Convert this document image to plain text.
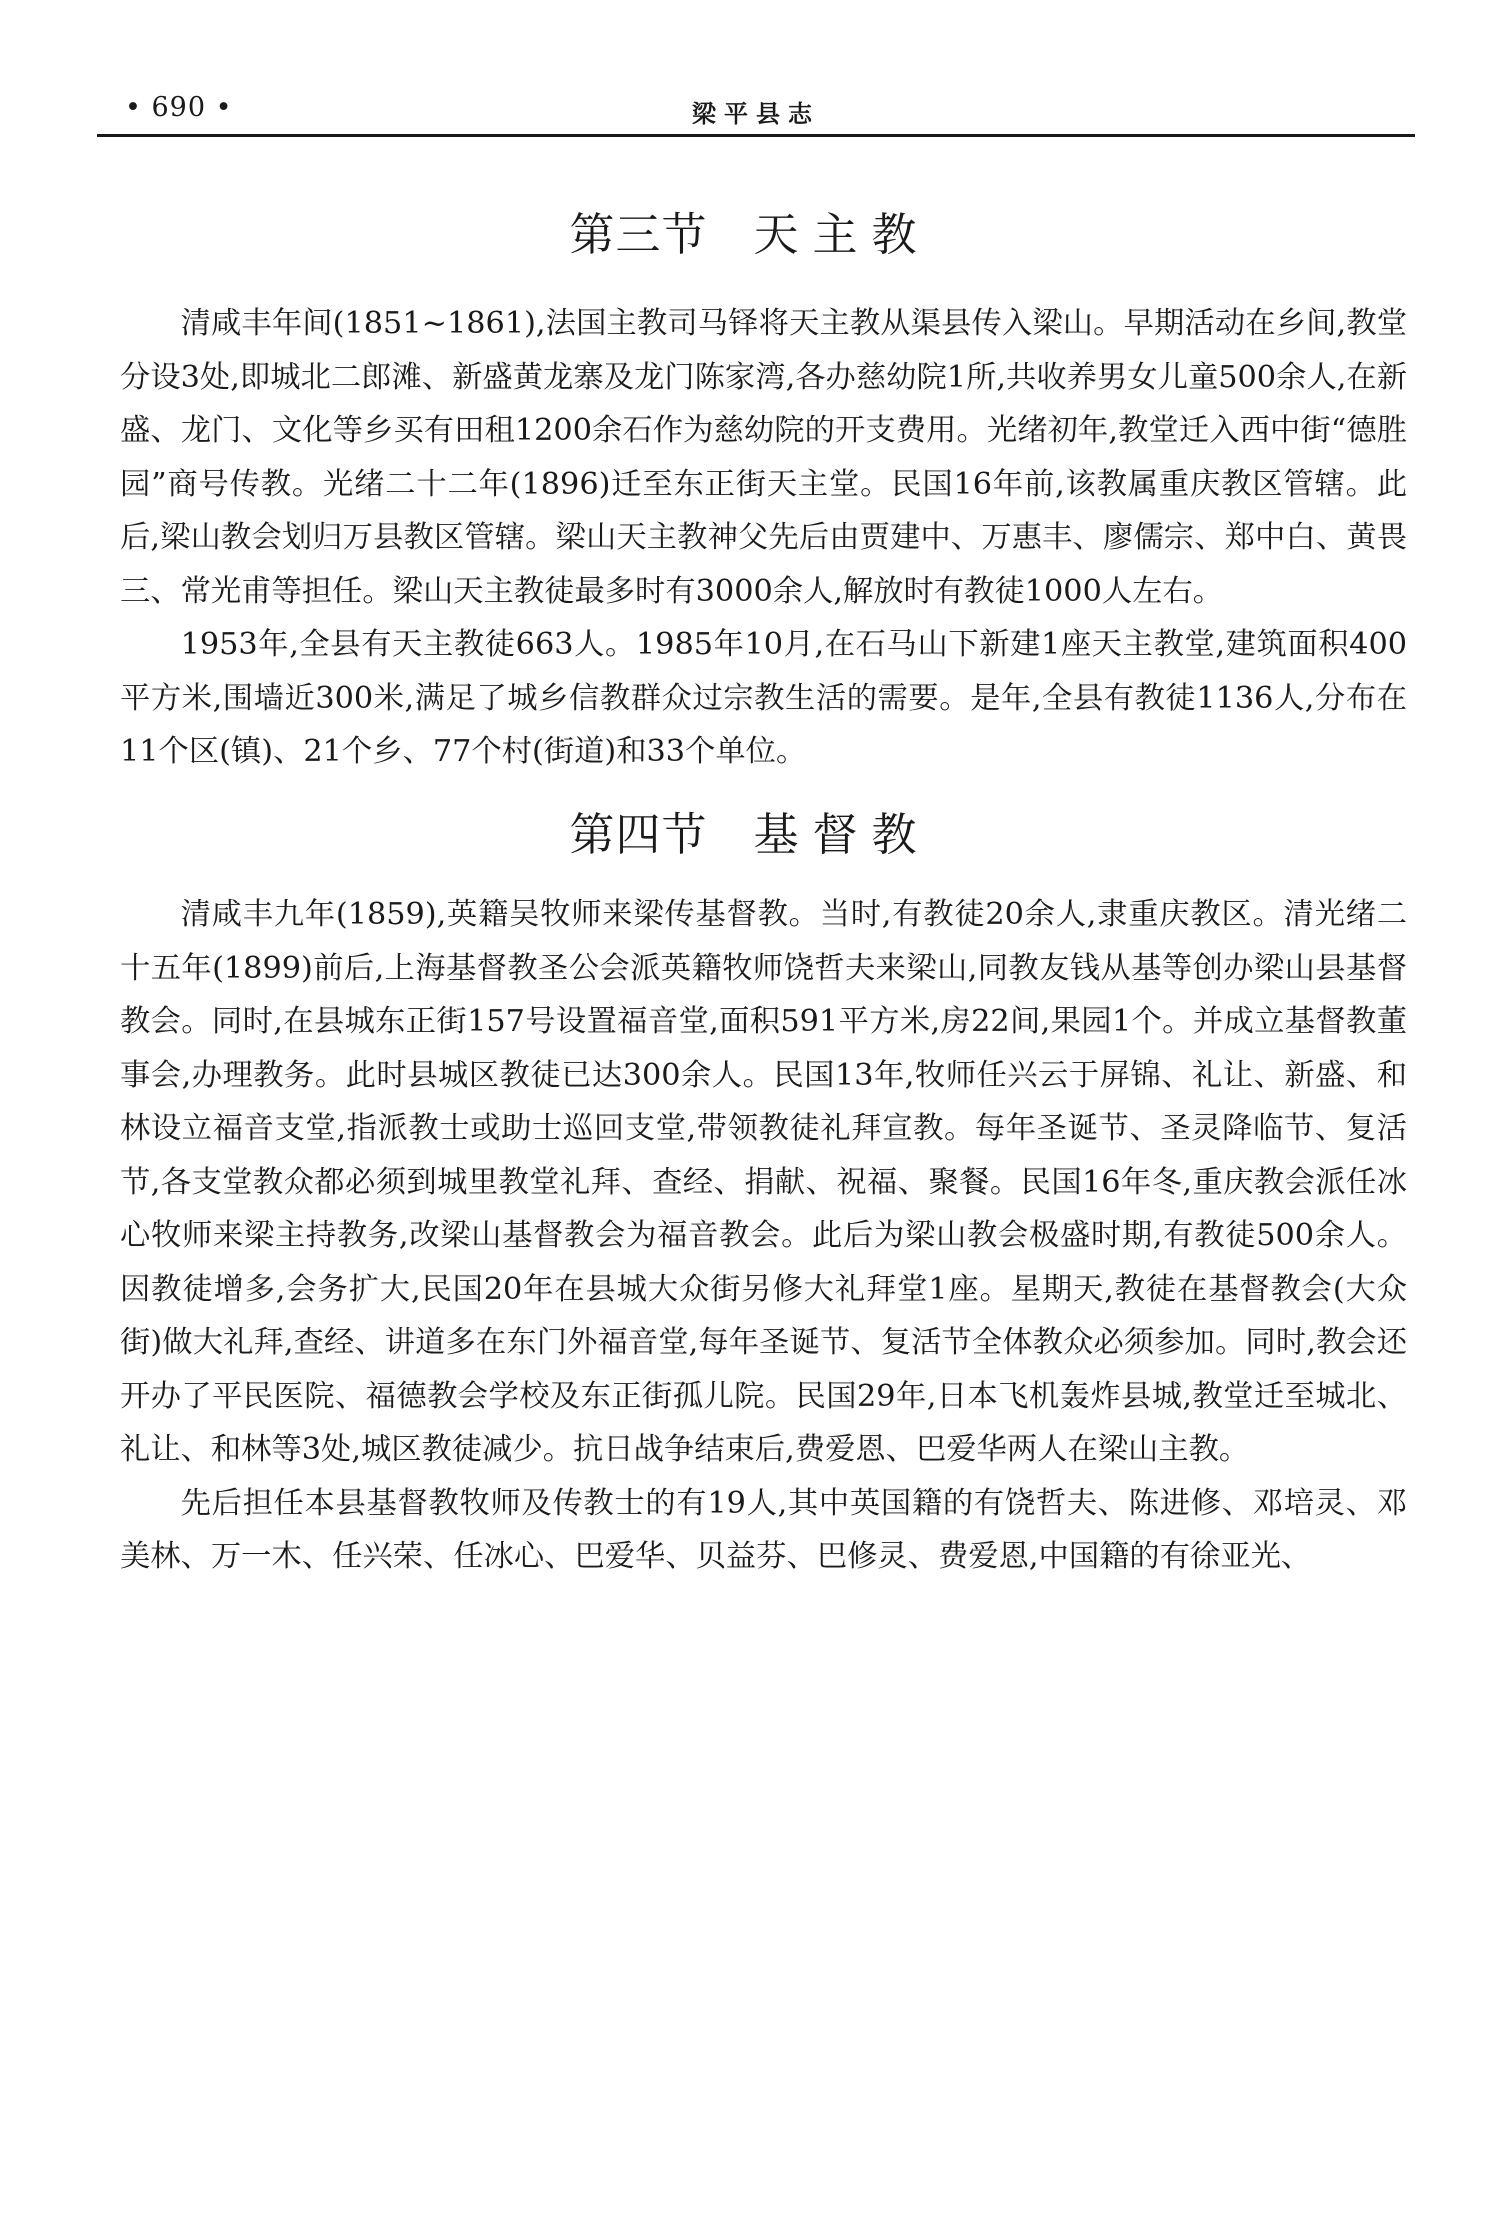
• 690 •	梁平县志
第三节 天主教

清咸丰年间(1851~1861),法国主教司马铎将天主教从渠县传入梁山。早期活动在乡间,教堂分设3处,即城北二郎滩、新盛黄龙寨及龙门陈家湾,各办慈幼院1所,共收养男女儿童500余人,在新盛、龙门、文化等乡买有田租1200余石作为慈幼院的开支费用。光绪初年,教堂迁入西中街“德胜园”商号传教。光绪二十二年(1896)迁至东正街天主堂。民国16年前,该教属重庆教区管辖。此后,梁山教会划归万县教区管辖。梁山天主教神父先后由贾建中、万惠丰、廖儒宗、郑中白、黄畏三、常光甫等担任。梁山天主教徒最多时有3000余人,解放时有教徒1000人左右。

1953年,全县有天主教徒663人。1985年10月,在石马山下新建1座天主教堂,建筑面积400平方米,围墙近300米,满足了城乡信教群众过宗教生活的需要。是年,全县有教徒1136人,分布在11个区(镇)、21个乡、77个村(街道)和33个单位。

第四节 基督教

清咸丰九年(1859),英籍吴牧师来梁传基督教。当时,有教徒20余人,隶重庆教区。清光绪二十五年(1899)前后,上海基督教圣公会派英籍牧师饶哲夫来梁山,同教友钱从基等创办梁山县基督教会。同时,在县城东正街157号设置福音堂,面积591平方米,房22间,果园1个。并成立基督教董事会,办理教务。此时县城区教徒已达300余人。民国13年,牧师任兴云于屏锦、礼让、新盛、和林设立福音支堂,指派教士或助士巡回支堂,带领教徒礼拜宣教。每年圣诞节、圣灵降临节、复活节,各支堂教众都必须到城里教堂礼拜、查经、捐献、祝福、聚餐。民国16年冬,重庆教会派任冰心牧师来梁主持教务,改梁山基督教会为福音教会。此后为梁山教会极盛时期,有教徒500余人。因教徒增多,会务扩大,民国20年在县城大众街另修大礼拜堂1座。星期天,教徒在基督教会(大众街)做大礼拜,查经、讲道多在东门外福音堂,每年圣诞节、复活节全体教众必须参加。同时,教会还开办了平民医院、福德教会学校及东正街孤儿院。民国29年,日本飞机轰炸县城,教堂迁至城北、礼让、和林等3处,城区教徒减少。抗日战争结束后,费爱恩、巴爱华两人在梁山主教。

先后担任本县基督教牧师及传教士的有19人,其中英国籍的有饶哲夫、陈进修、邓培灵、邓美林、万一木、任兴荣、任冰心、巴爱华、贝益芬、巴修灵、费爱恩,中国籍的有徐亚光、
